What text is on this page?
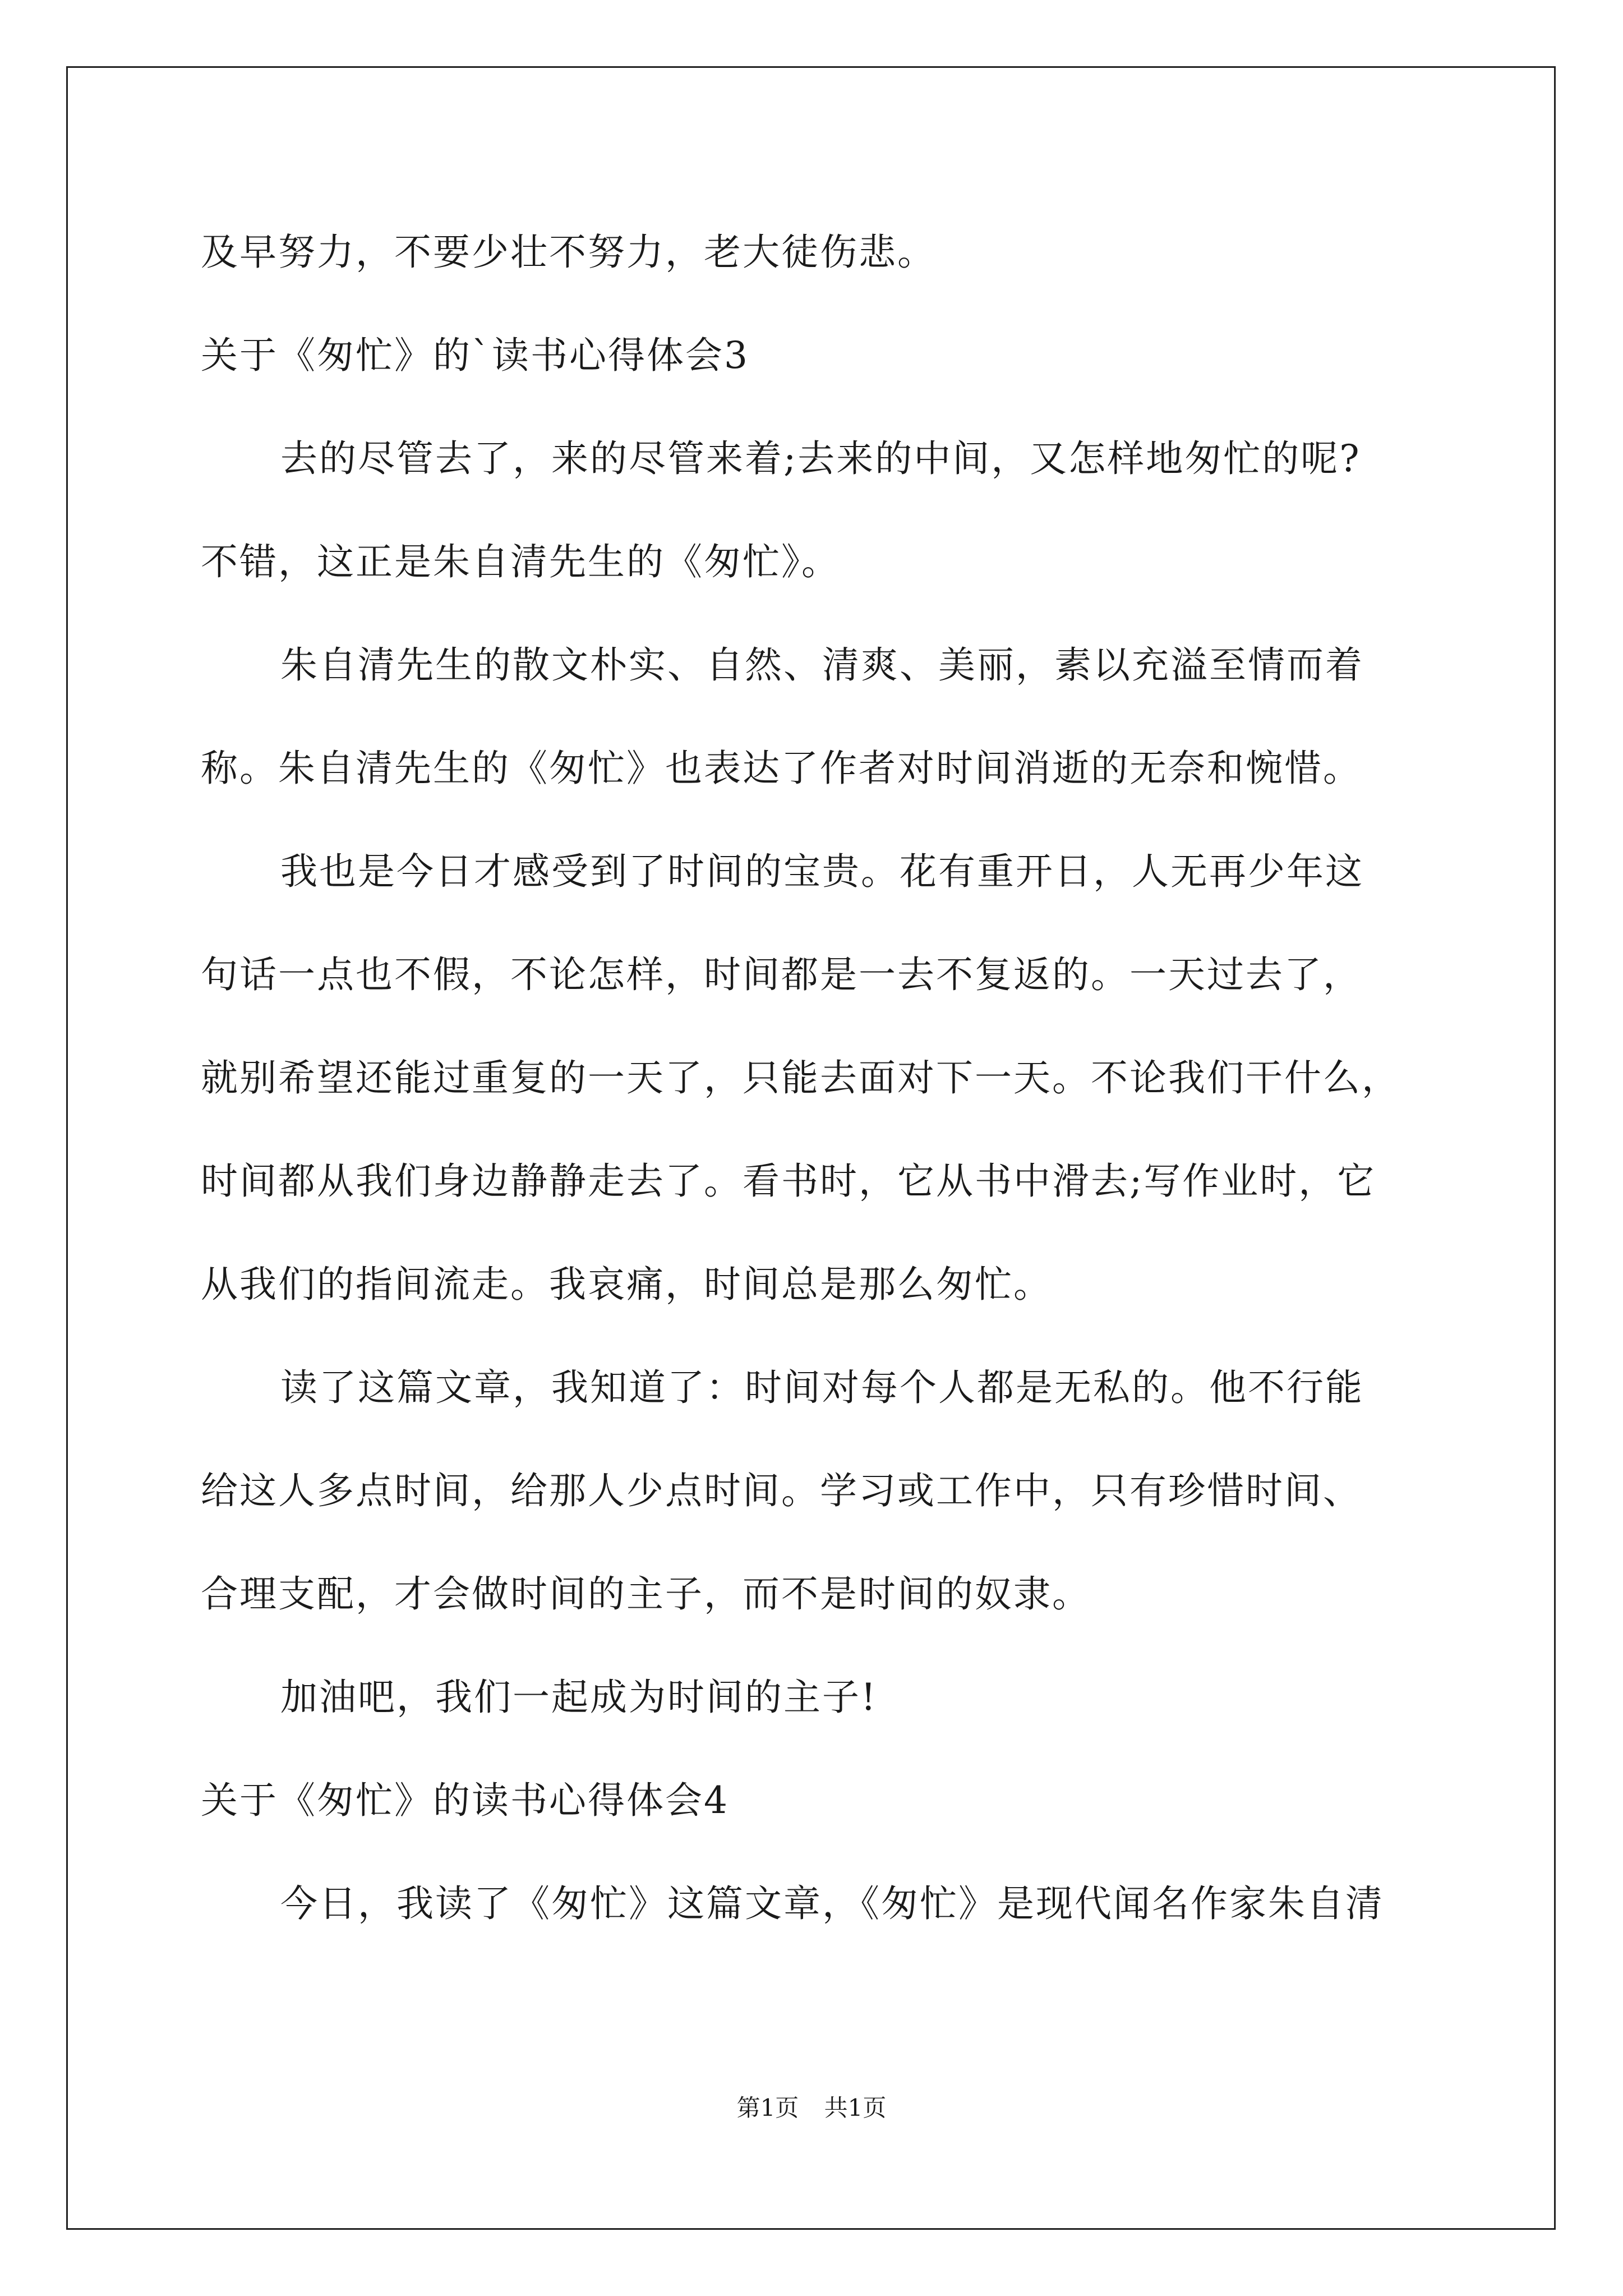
及早努力，不要少壮不努力，老大徒伤悲。
关于《匆忙》的`读书心得体会3
去的尽管去了，来的尽管来着;去来的中间，又怎样地匆忙的呢?
不错，这正是朱自清先生的《匆忙》。
朱自清先生的散文朴实、自然、清爽、美丽，素以充溢至情而着
称。朱自清先生的《匆忙》也表达了作者对时间消逝的无奈和惋惜。
我也是今日才感受到了时间的宝贵。花有重开日，人无再少年这
句话一点也不假，不论怎样，时间都是一去不复返的。一天过去了，
就别希望还能过重复的一天了，只能去面对下一天。不论我们干什么，
时间都从我们身边静静走去了。看书时，它从书中滑去;写作业时，它
从我们的指间流走。我哀痛，时间总是那么匆忙。
读了这篇文章，我知道了：时间对每个人都是无私的。他不行能
给这人多点时间，给那人少点时间。学习或工作中，只有珍惜时间、
合理支配，才会做时间的主子，而不是时间的奴隶。
加油吧，我们一起成为时间的主子!
关于《匆忙》的读书心得体会4
今日，我读了《匆忙》这篇文章，《匆忙》是现代闻名作家朱自清
第1页 共1页
